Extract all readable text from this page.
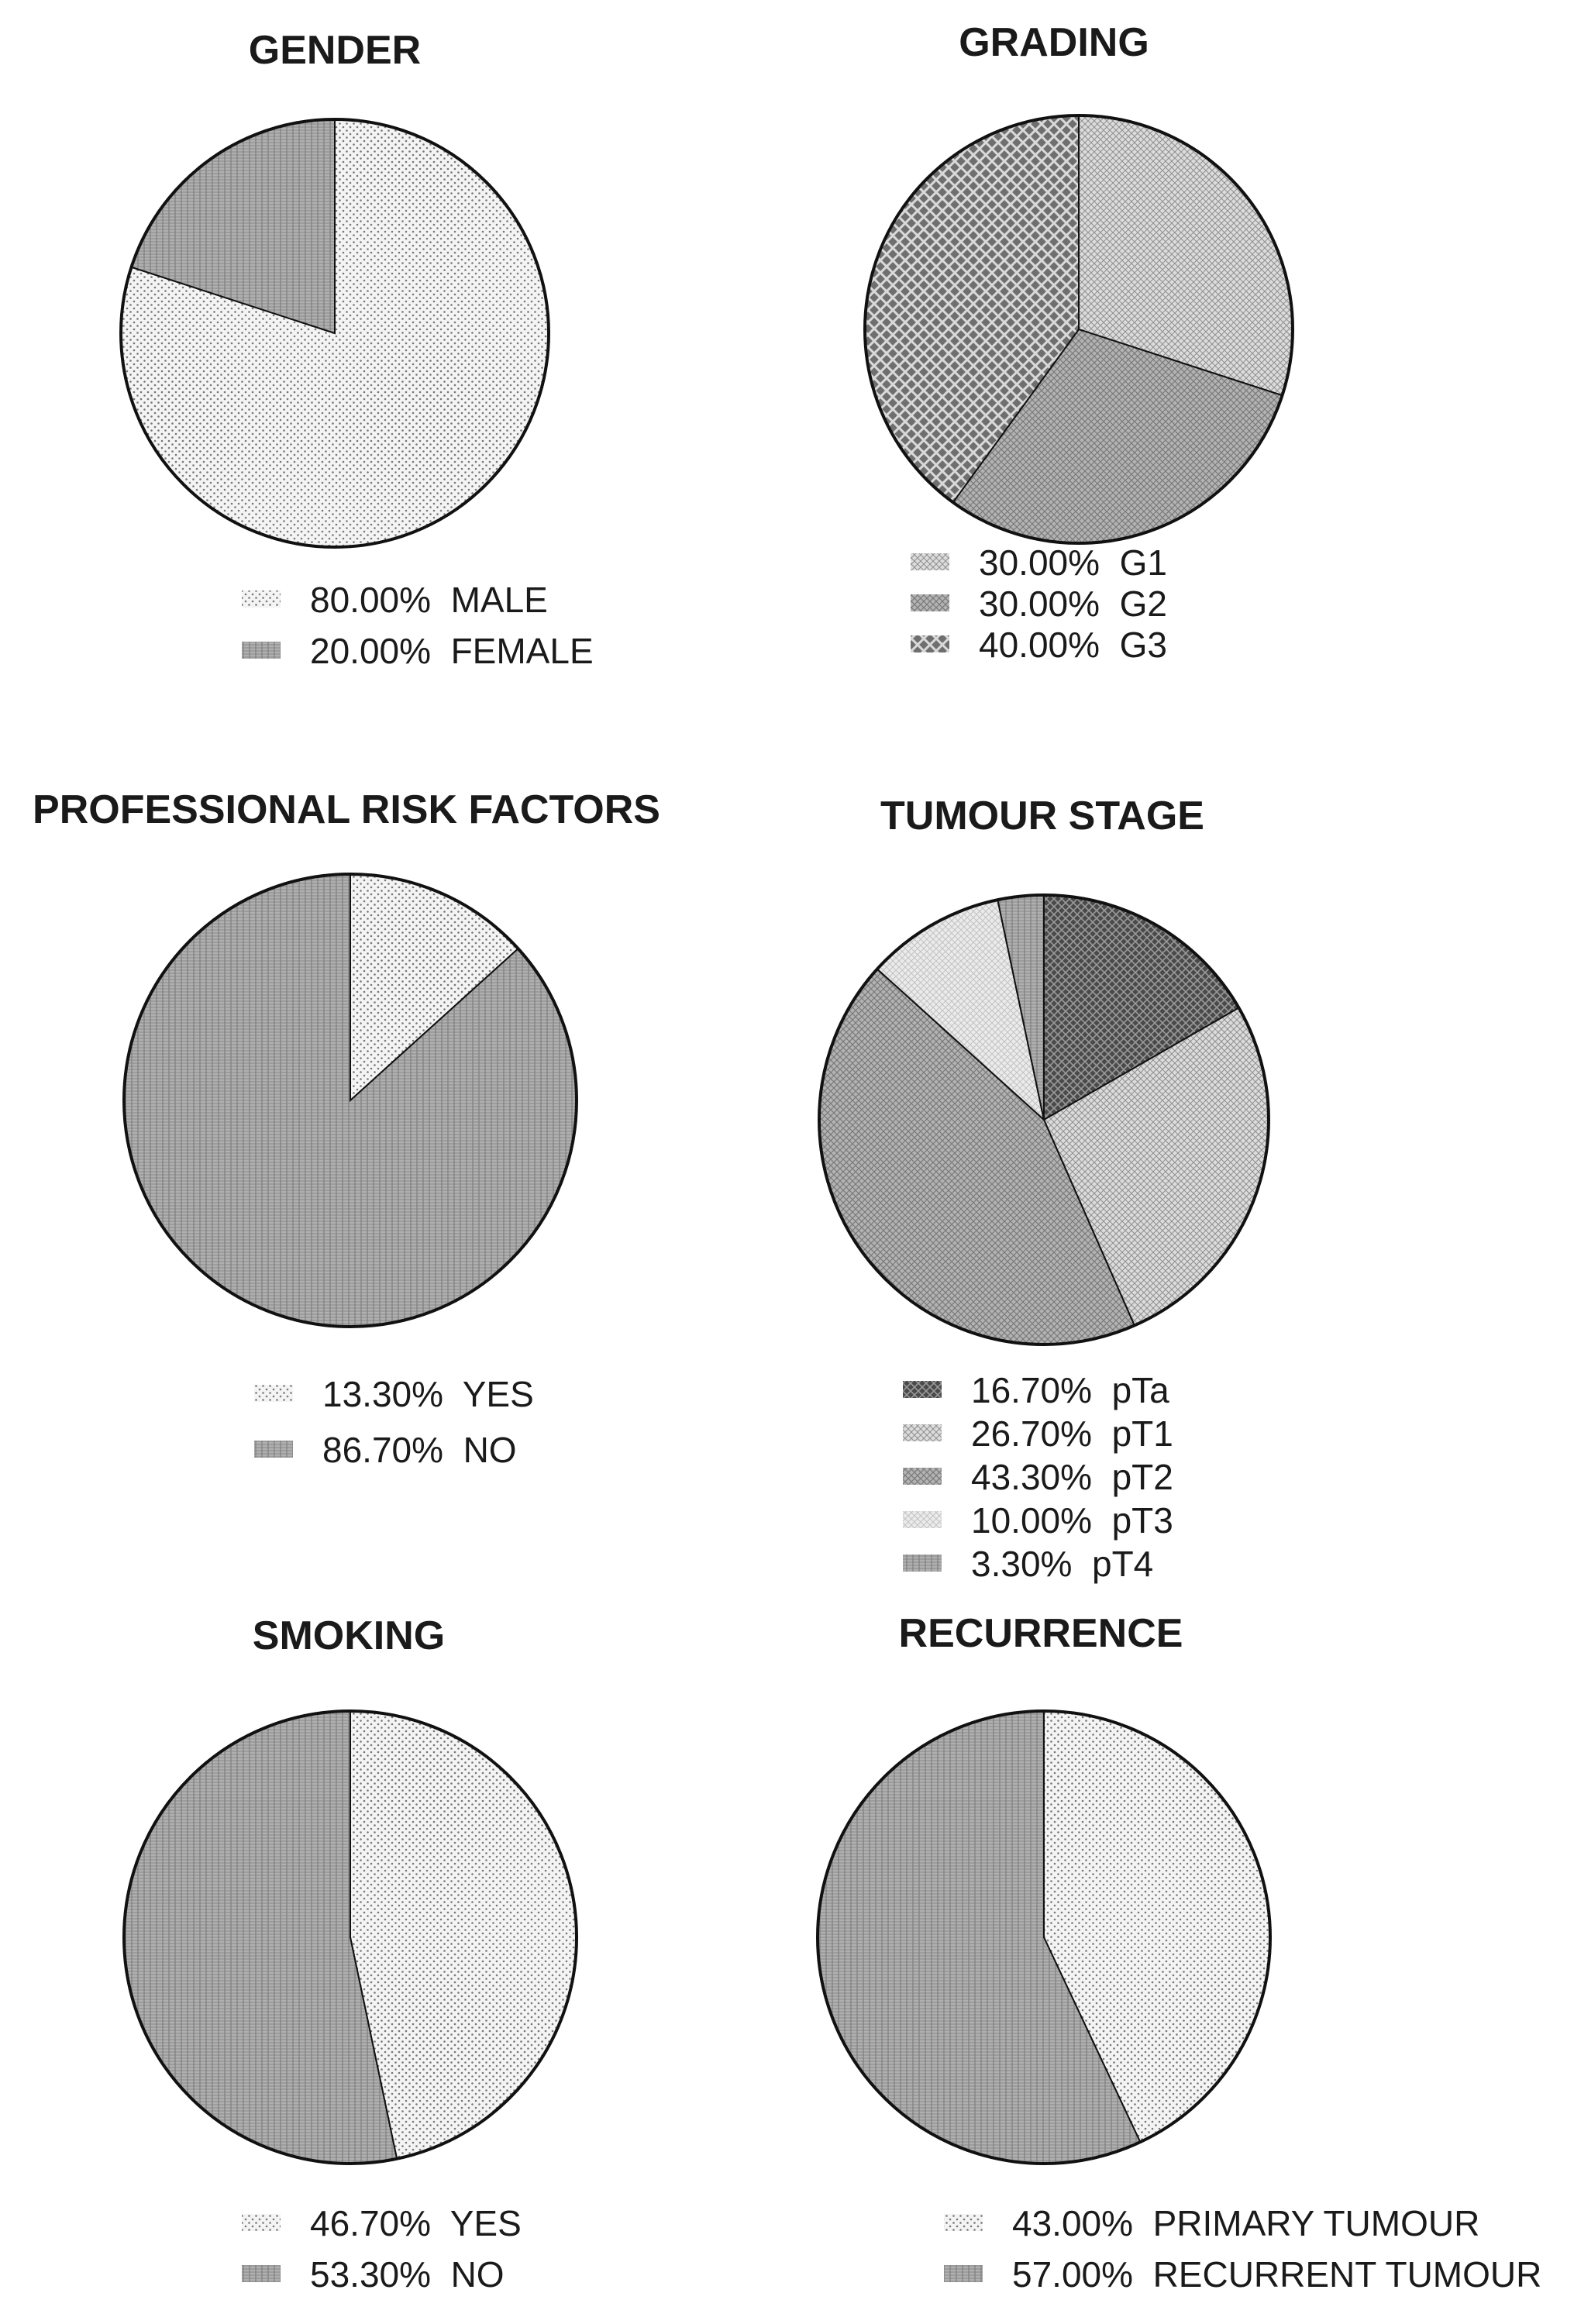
GENDER
80.00%  MALE
20.00%  FEMALE
GRADING
30.00%  G1
30.00%  G2
40.00%  G3
PROFESSIONAL RISK FACTORS
13.30%  YES
86.70%  NO
TUMOUR STAGE
16.70%  pTa
26.70%  pT1
43.30%  pT2
10.00%  pT3
3.30%  pT4
SMOKING
46.70%  YES
53.30%  NO
RECURRENCE
43.00%  PRIMARY TUMOUR
57.00%  RECURRENT TUMOUR
